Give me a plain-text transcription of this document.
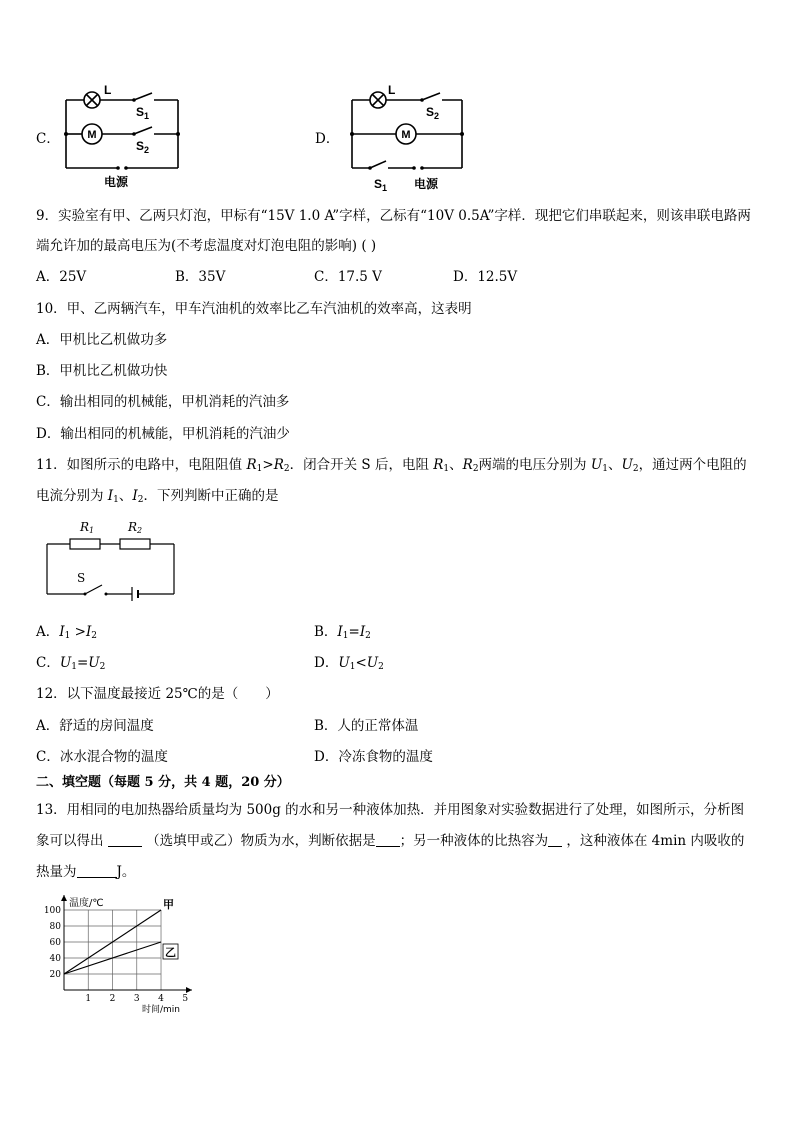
C．	M
L
$S_1$
$S_2$
电源
D．	M
L
$S_2$
$S_1$ 电源
9．实验室有甲、乙两只灯泡，甲标有“15V 1.0 A”字样，乙标有“10V 0.5A”字样．现把它们串联起来，则该串联电路两
端允许加的最高电压为(不考虑温度对灯泡电阻的影响) ( )
A．25V	B．35V	C．17.5 V	D．12.5V
10．甲、乙两辆汽车，甲车汽油机的效率比乙车汽油机的效率高，这表明
A．甲机比乙机做功多
B．甲机比乙机做功快
C．输出相同的机械能，甲机消耗的汽油多
D．输出相同的机械能，甲机消耗的汽油少
11．如图所示的电路中，电阻阻值 $R_1>R_2$．闭合开关 S 后，电阻 $R_1$、$R_2$两端的电压分别为 $U_1$、$U_2$，通过两个电阻的
电流分别为 $I_1$、$I_2$．下列判断中正确的是
R1	R2
S
A．$I_1 >I_2$	B．$I_1=I_2$
C．$U_1=U_2$	D．$U_1<U_2$
12．以下温度最接近 25℃的是（　　）
A．舒适的房间温度	B．人的正常体温
C．冰水混合物的温度	D．冷冻食物的温度
二、填空题（每题 5 分，共 4 题，20 分）
13．用相同的电加热器给质量均为 500g 的水和另一种液体加热．并用图象对实验数据进行了处理，如图所示，分析图
象可以得出	（选填甲或乙）物质为水，判断依据是 ；另一种液体的比热容为 ，这种液体在 4min 内吸收的
热量为	J。
20
40
60
80
100
1 2 3 4 5
温度/℃
时间/min
甲
乙
